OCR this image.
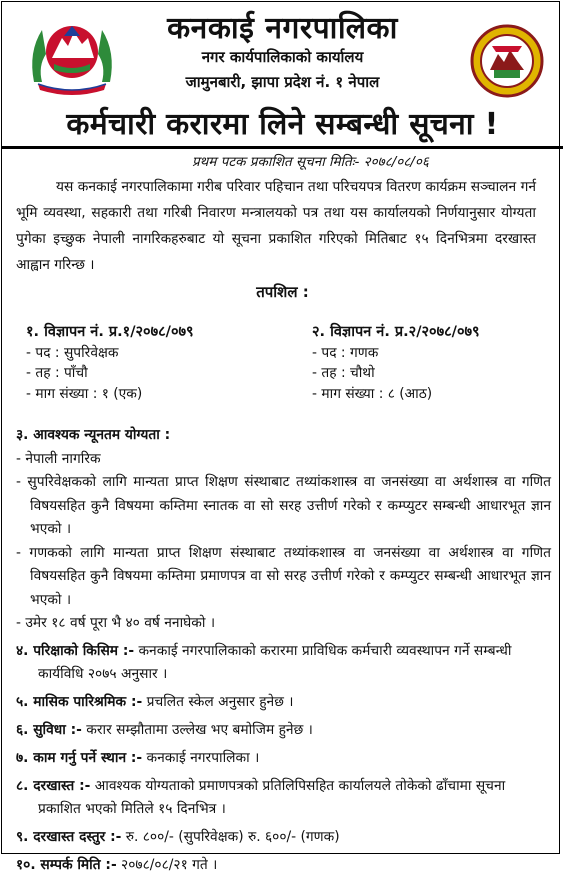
कनकाई नगरपालिका
नगर कार्यपालिकाको कार्यालय
जामुनबारी, झापा प्रदेश नं. १ नेपाल
कर्मचारी करारमा लिने सम्बन्धी सूचना !
प्रथम पटक प्रकाशित सूचना मितिः- २०७८/०८/०६
यस कनकाई नगरपालिकामा गरीब परिवार पहिचान तथा परिचयपत्र वितरण कार्यक्रम सञ्चालन गर्न भूमि व्यवस्था, सहकारी तथा गरिबी निवारण मन्त्रालयको पत्र तथा यस कार्यालयको निर्णयानुसार योग्यता पुगेका इच्छुक नेपाली नागरिकहरुबाट यो सूचना प्रकाशित गरिएको मितिबाट १५ दिनभित्रमा दरखास्त आह्वान गरिन्छ ।
तपशिल :
१. विज्ञापन नं. प्र.१/२०७८/०७९
- पद : सुपरिवेक्षक
- तह : पाँचौ
- माग संख्या : १ (एक)
२. विज्ञापन नं. प्र.२/२०७८/०७९
- पद : गणक
- तह : चौथो
- माग संख्या : ८ (आठ)
३. आवश्यक न्यूनतम योग्यता :
- नेपाली नागरिक
- सुपरिवेक्षकको लागि मान्यता प्राप्त शिक्षण संस्थाबाट तथ्यांकशास्त्र वा जनसंख्या वा अर्थशास्त्र वा गणित विषयसहित कुनै विषयमा कम्तिमा स्नातक वा सो सरह उत्तीर्ण गरेको र कम्प्युटर सम्बन्धी आधारभूत ज्ञान भएको ।
- गणकको लागि मान्यता प्राप्त शिक्षण संस्थाबाट तथ्यांकशास्त्र वा जनसंख्या वा अर्थशास्त्र वा गणित विषयसहित कुनै विषयमा कम्तिमा प्रमाणपत्र वा सो सरह उत्तीर्ण गरेको र कम्प्युटर सम्बन्धी आधारभूत ज्ञान भएको ।
- उमेर १८ वर्ष पूरा भै ४० वर्ष ननाघेको ।
४. परिक्षाको किसिम :- कनकाई नगरपालिकाको करारमा प्राविधिक कर्मचारी व्यवस्थापन गर्ने सम्बन्धी कार्यविधि २०७५ अनुसार ।
५. मासिक पारिश्रमिक :- प्रचलित स्केल अनुसार हुनेछ ।
६. सुविधा :- करार सम्झौतामा उल्लेख भए बमोजिम हुनेछ ।
७. काम गर्नु पर्ने स्थान :- कनकाई नगरपालिका ।
८. दरखास्त :- आवश्यक योग्यताको प्रमाणपत्रको प्रतिलिपिसहित कार्यालयले तोकेको ढाँचामा सूचना प्रकाशित भएको मितिले १५ दिनभित्र ।
९. दरखास्त दस्तुर :- रु. ८००/- (सुपरिवेक्षक) रु. ६००/- (गणक)
१०. सम्पर्क मिति :- २०७८/०८/२१ गते ।
